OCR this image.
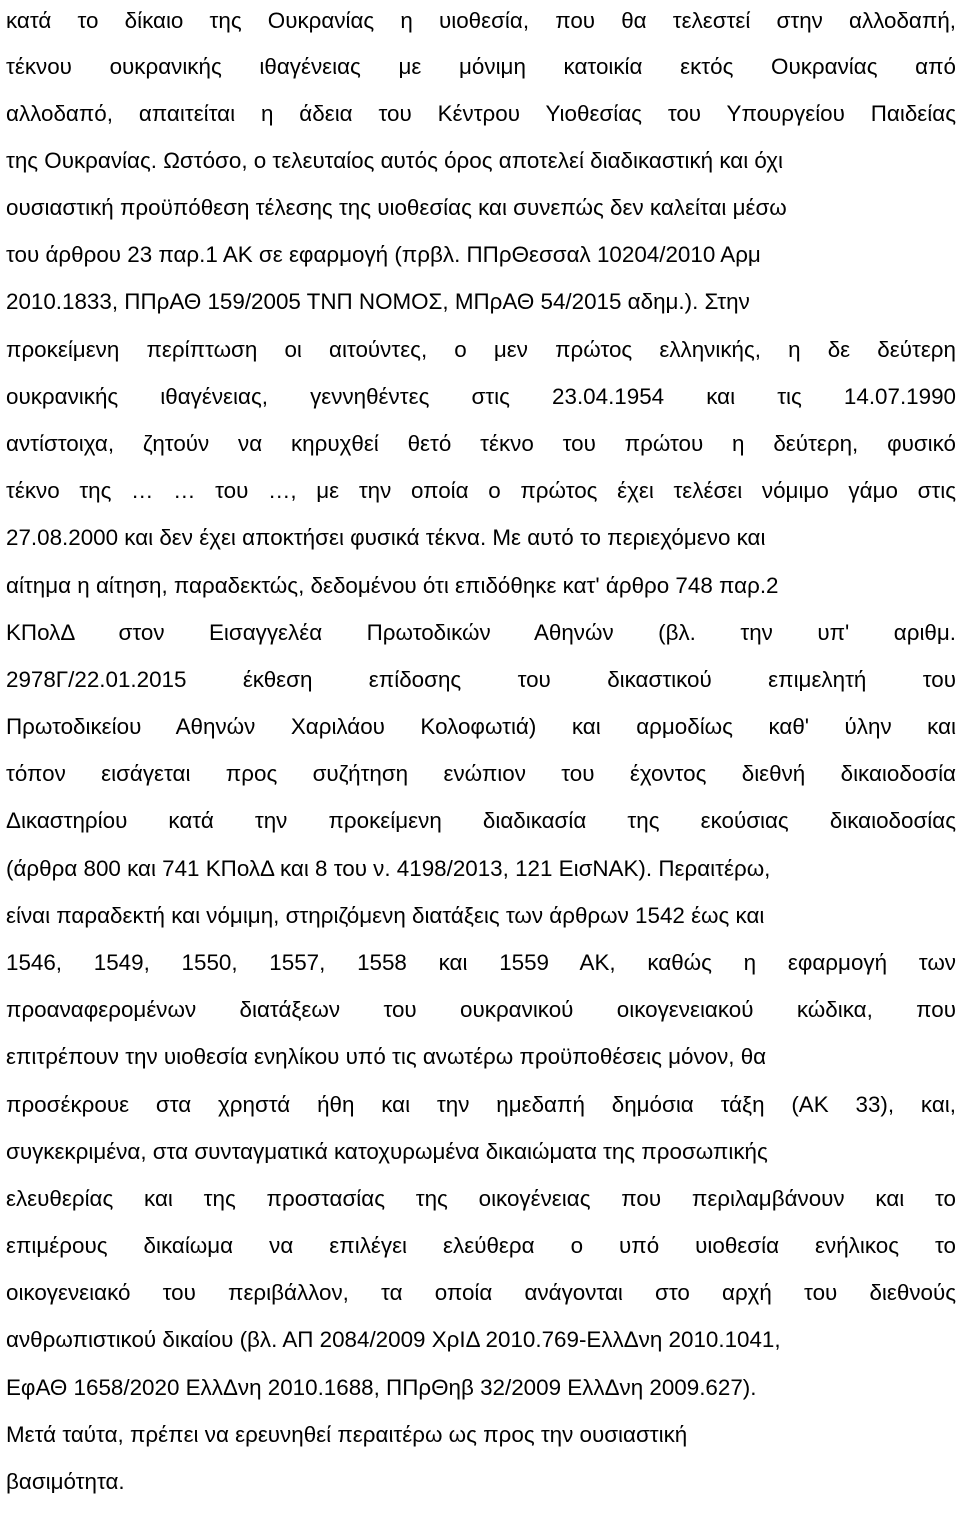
κατά το δίκαιο της Ουκρανίας η υιοθεσία, που θα τελεστεί στην αλλοδαπή,
τέκνου ουκρανικής ιθαγένειας με μόνιμη κατοικία εκτός Ουκρανίας από
αλλοδαπό, απαιτείται η άδεια του Κέντρου Υιοθεσίας του Υπουργείου Παιδείας
της Ουκρανίας. Ωστόσο, ο τελευταίος αυτός όρος αποτελεί διαδικαστική και όχι
ουσιαστική προϋπόθεση τέλεσης της υιοθεσίας και συνεπώς δεν καλείται μέσω
του άρθρου 23 παρ.1 ΑΚ σε εφαρμογή (πρβλ. ΠΠρΘεσσαλ 10204/2010 Αρμ
2010.1833, ΠΠρΑΘ 159/2005 ΤΝΠ ΝΟΜΟΣ, ΜΠρΑΘ 54/2015 αδημ.). Στην
προκείμενη περίπτωση οι αιτούντες, ο μεν πρώτος ελληνικής, η δε δεύτερη
ουκρανικής ιθαγένειας, γεννηθέντες στις 23.04.1954 και τις 14.07.1990
αντίστοιχα, ζητούν να κηρυχθεί θετό τέκνο του πρώτου η δεύτερη, φυσικό
τέκνο της … … του …, με την οποία ο πρώτος έχει τελέσει νόμιμο γάμο στις
27.08.2000 και δεν έχει αποκτήσει φυσικά τέκνα. Με αυτό το περιεχόμενο και
αίτημα η αίτηση, παραδεκτώς, δεδομένου ότι επιδόθηκε κατ' άρθρο 748 παρ.2
ΚΠολΔ στον Εισαγγελέα Πρωτοδικών Αθηνών (βλ. την υπ' αριθμ.
2978Γ/22.01.2015 έκθεση επίδοσης του δικαστικού επιμελητή του
Πρωτοδικείου Αθηνών Χαριλάου Κολοφωτιά) και αρμοδίως καθ' ύλην και
τόπον εισάγεται προς συζήτηση ενώπιον του έχοντος διεθνή δικαιοδοσία
Δικαστηρίου κατά την προκείμενη διαδικασία της εκούσιας δικαιοδοσίας
(άρθρα 800 και 741 ΚΠολΔ και 8 του ν. 4198/2013, 121 ΕισΝΑΚ). Περαιτέρω,
είναι παραδεκτή και νόμιμη, στηριζόμενη διατάξεις των άρθρων 1542 έως και
1546, 1549, 1550, 1557, 1558 και 1559 ΑΚ, καθώς η εφαρμογή των
προαναφερομένων διατάξεων του ουκρανικού οικογενειακού κώδικα, που
επιτρέπουν την υιοθεσία ενηλίκου υπό τις ανωτέρω προϋποθέσεις μόνον, θα
προσέκρουε στα χρηστά ήθη και την ημεδαπή δημόσια τάξη (ΑΚ 33), και,
συγκεκριμένα, στα συνταγματικά κατοχυρωμένα δικαιώματα της προσωπικής
ελευθερίας και της προστασίας της οικογένειας που περιλαμβάνουν και το
επιμέρους δικαίωμα να επιλέγει ελεύθερα ο υπό υιοθεσία ενήλικος το
οικογενειακό του περιβάλλον, τα οποία ανάγονται στο αρχή του διεθνούς
ανθρωπιστικού δικαίου (βλ. ΑΠ 2084/2009 ΧρΙΔ 2010.769-ΕλλΔνη 2010.1041,
ΕφΑΘ 1658/2020 ΕλλΔνη 2010.1688, ΠΠρΘηβ 32/2009 ΕλλΔνη 2009.627).
Μετά ταύτα, πρέπει να ερευνηθεί περαιτέρω ως προς την ουσιαστική
βασιμότητα.
